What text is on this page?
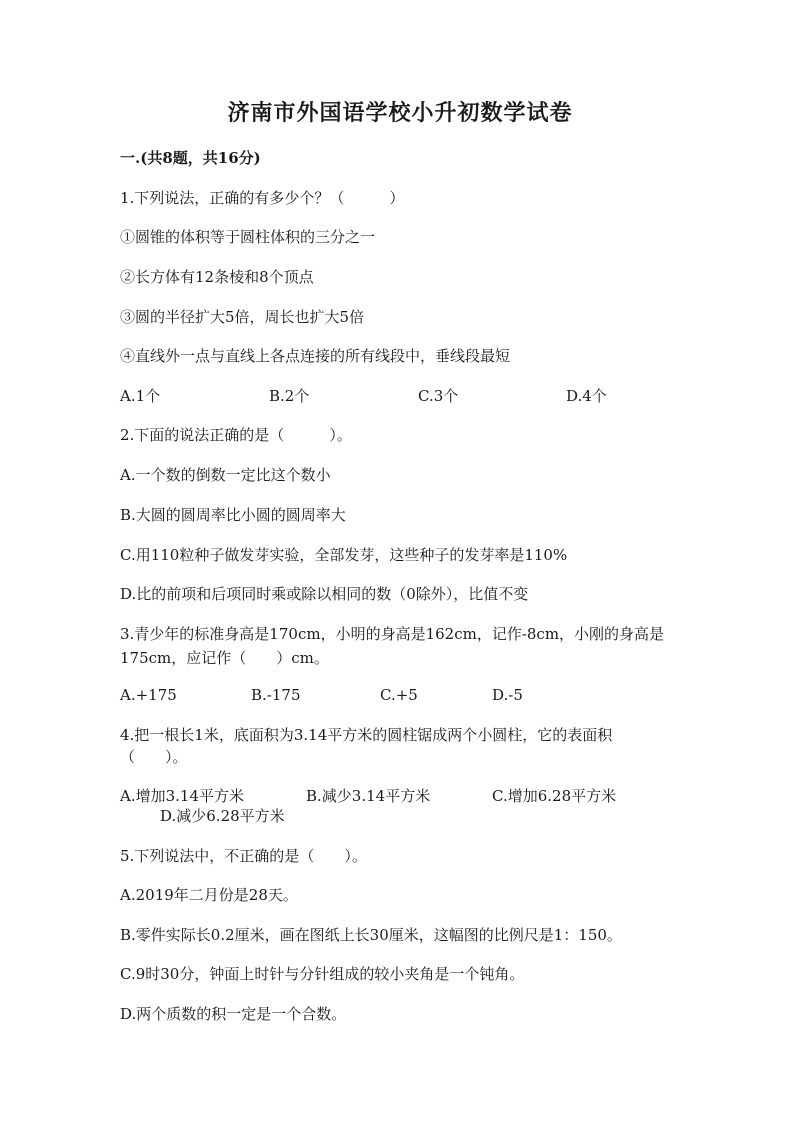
济南市外国语学校小升初数学试卷
一.(共8题，共16分)
1.下列说法，正确的有多少个？（　　　）
①圆锥的体积等于圆柱体积的三分之一
②长方体有12条棱和8个顶点
③圆的半径扩大5倍，周长也扩大5倍
④直线外一点与直线上各点连接的所有线段中，垂线段最短
A.1个	B.2个	C.3个	D.4个
2.下面的说法正确的是（　　　）。
A.一个数的倒数一定比这个数小
B.大圆的圆周率比小圆的圆周率大
C.用110粒种子做发芽实验，全部发芽，这些种子的发芽率是110%
D.比的前项和后项同时乘或除以相同的数（0除外），比值不变
3.青少年的标准身高是170cm，小明的身高是162cm，记作-8cm，小刚的身高是
175cm，应记作（　　）cm。
A.+175	B.-175	C.+5	D.-5
4.把一根长1米，底面积为3.14平方米的圆柱锯成两个小圆柱，它的表面积
（　　）。
A.增加3.14平方米	B.减少3.14平方米	C.增加6.28平方米
D.减少6.28平方米
5.下列说法中，不正确的是（　　）。
A.2019年二月份是28天。
B.零件实际长0.2厘米，画在图纸上长30厘米，这幅图的比例尺是1：150。
C.9时30分，钟面上时针与分针组成的较小夹角是一个钝角。
D.两个质数的积一定是一个合数。
